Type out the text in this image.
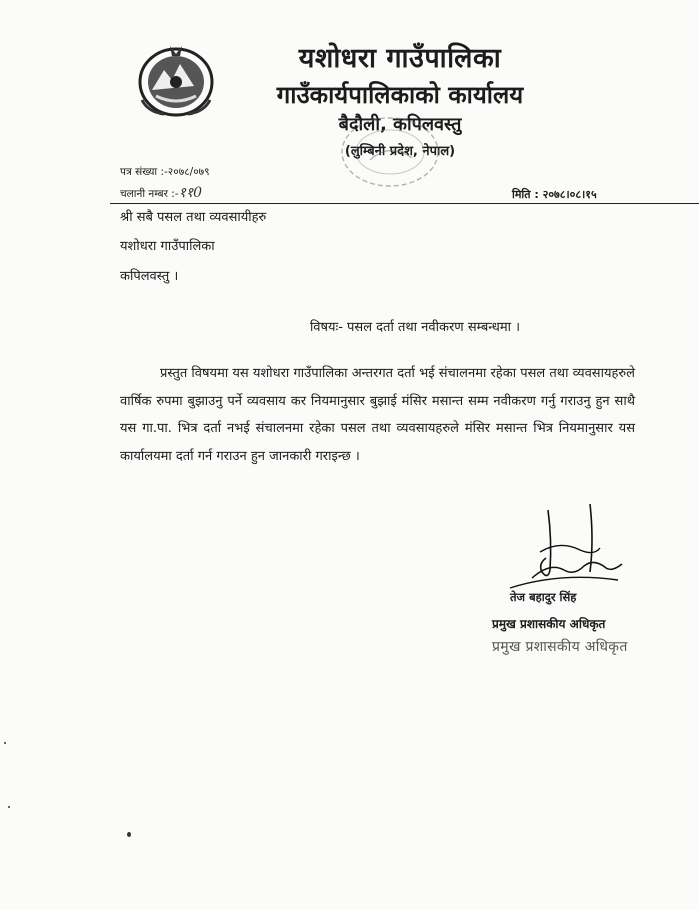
यशोधरा गाउँपालिका
गाउँकार्यपालिकाको कार्यालय
बैदौली, कपिलवस्तु
(लुम्बिनी प्रदेश, नेपाल)
पत्र संख्या :-२०७८/०७९
चलानी नम्बर :-११0	मिति : २०७८।०८।१५
श्री सबै पसल तथा व्यवसायीहरु
यशोधरा गाउँपालिका
कपिलवस्तु ।
विषयः- पसल दर्ता तथा नवीकरण सम्बन्धमा ।
प्रस्तुत विषयमा यस यशोधरा गाउँपालिका अन्तरगत दर्ता भई संचालनमा रहेका पसल तथा व्यवसायहरुले वार्षिक रुपमा बुझाउनु पर्ने व्यवसाय कर नियमानुसार बुझाई मंसिर मसान्त सम्म नवीकरण गर्नु गराउनु हुन साथै यस गा.पा. भित्र दर्ता नभई संचालनमा रहेका पसल तथा व्यवसायहरुले मंसिर मसान्त भित्र नियमानुसार यस कार्यालयमा दर्ता गर्न गराउन हुन जानकारी गराइन्छ ।
तेज बहादुर सिंह
प्रमुख प्रशासकीय अधिकृत
प्रमुख प्रशासकीय अधिकृत
